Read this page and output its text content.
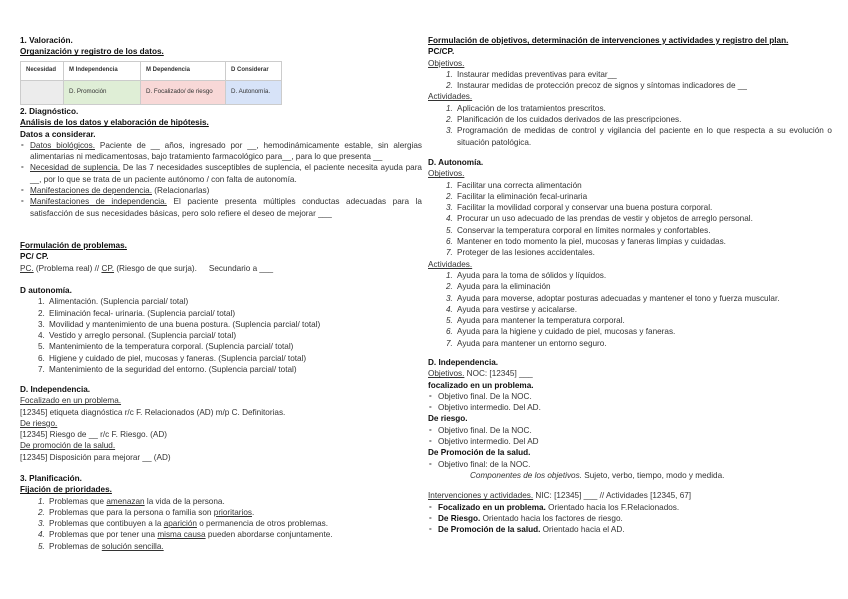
1. Valoración.
Organización y registro de los datos.
Necesidad	M Independencia	M Dependencia	D Considerar
	D. Promoción	D. Focalizado/ de riesgo	D. Autonomía.
2. Diagnóstico.
Análisis de los datos y elaboración de hipótesis.
Datos a considerar.
- Datos biológicos. Paciente de __ años, ingresado por __, hemodinámicamente estable, sin alergias alimentarias ni medicamentosas, bajo tratamiento farmacológico para__, para lo que presenta __
- Necesidad de suplencia. De las 7 necesidades susceptibles de suplencia, el paciente necesita ayuda para __, por lo que se trata de un paciente autónomo / con falta de autonomía.
- Manifestaciones de dependencia. (Relacionarlas)
- Manifestaciones de independencia. El paciente presenta múltiples conductas adecuadas para la satisfacción de sus necesidades básicas, pero solo refiere el deseo de mejorar ___
Formulación de problemas.
PC/ CP.
PC. (Problema real) // CP. (Riesgo de que surja). Secundario a ___
D autonomía.
1. Alimentación. (Suplencia parcial/ total)
2. Eliminación fecal- urinaria. (Suplencia parcial/ total)
3. Movilidad y mantenimiento de una buena postura. (Suplencia parcial/ total)
4. Vestido y arreglo personal. (Suplencia parcial/ total)
5. Mantenimiento de la temperatura corporal. (Suplencia parcial/ total)
6. Higiene y cuidado de piel, mucosas y faneras. (Suplencia parcial/ total)
7. Mantenimiento de la seguridad del entorno. (Suplencia parcial/ total)
D. Independencia.
Focalizado en un problema.
[12345] etiqueta diagnóstica r/c F. Relacionados (AD) m/p C. Definitorias.
De riesgo.
[12345] Riesgo de __ r/c F. Riesgo. (AD)
De promoción de la salud.
[12345] Disposición para mejorar __ (AD)
3. Planificación.
Fijación de prioridades.
1. Problemas que amenazan la vida de la persona.
2. Problemas que para la persona o familia son prioritarios.
3. Problemas que contibuyen a la aparición o permanencia de otros problemas.
4. Problemas que por tener una misma causa pueden abordarse conjuntamente.
5. Problemas de solución sencilla.
Formulación de objetivos, determinación de intervenciones y actividades y registro del plan.
PC/CP.
Objetivos.
1. Instaurar medidas preventivas para evitar__
2. Instaurar medidas de protección precoz de signos y síntomas indicadores de __
Actividades.
1. Aplicación de los tratamientos prescritos.
2. Planificación de los cuidados derivados de las prescripciones.
3. Programación de medidas de control y vigilancia del paciente en lo que respecta a su evolución o situación patológica.
D. Autonomía.
Objetivos.
1. Facilitar una correcta alimentación
2. Facilitar la eliminación fecal-urinaria
3. Facilitar la movilidad corporal y conservar una buena postura corporal.
4. Procurar un uso adecuado de las prendas de vestir y objetos de arreglo personal.
5. Conservar la temperatura corporal en límites normales y confortables.
6. Mantener en todo momento la piel, mucosas y faneras limpias y cuidadas.
7. Proteger de las lesiones accidentales.
Actividades.
1. Ayuda para la toma de sólidos y líquidos.
2. Ayuda para la eliminación
3. Ayuda para moverse, adoptar posturas adecuadas y mantener el tono y fuerza muscular.
4. Ayuda para vestirse y acicalarse.
5. Ayuda para mantener la temperatura corporal.
6. Ayuda para la higiene y cuidado de piel, mucosas y faneras.
7. Ayuda para mantener un entorno seguro.
D. Independencia.
Objetivos. NOC: [12345] ___
focalizado en un problema.
- Objetivo final. De la NOC.
- Objetivo intermedio. Del AD.
De riesgo.
- Objetivo final. De la NOC.
- Objetivo intermedio. Del AD
De Promoción de la salud.
- Objetivo final: de la NOC.
Componentes de los objetivos. Sujeto, verbo, tiempo, modo y medida.
Intervenciones y actividades. NIC: [12345] ___ // Actividades [12345, 67]
- Focalizado en un problema. Orientado hacia los F.Relacionados.
- De Riesgo. Orientado hacia los factores de riesgo.
- De Promoción de la salud. Orientado hacia el AD.
